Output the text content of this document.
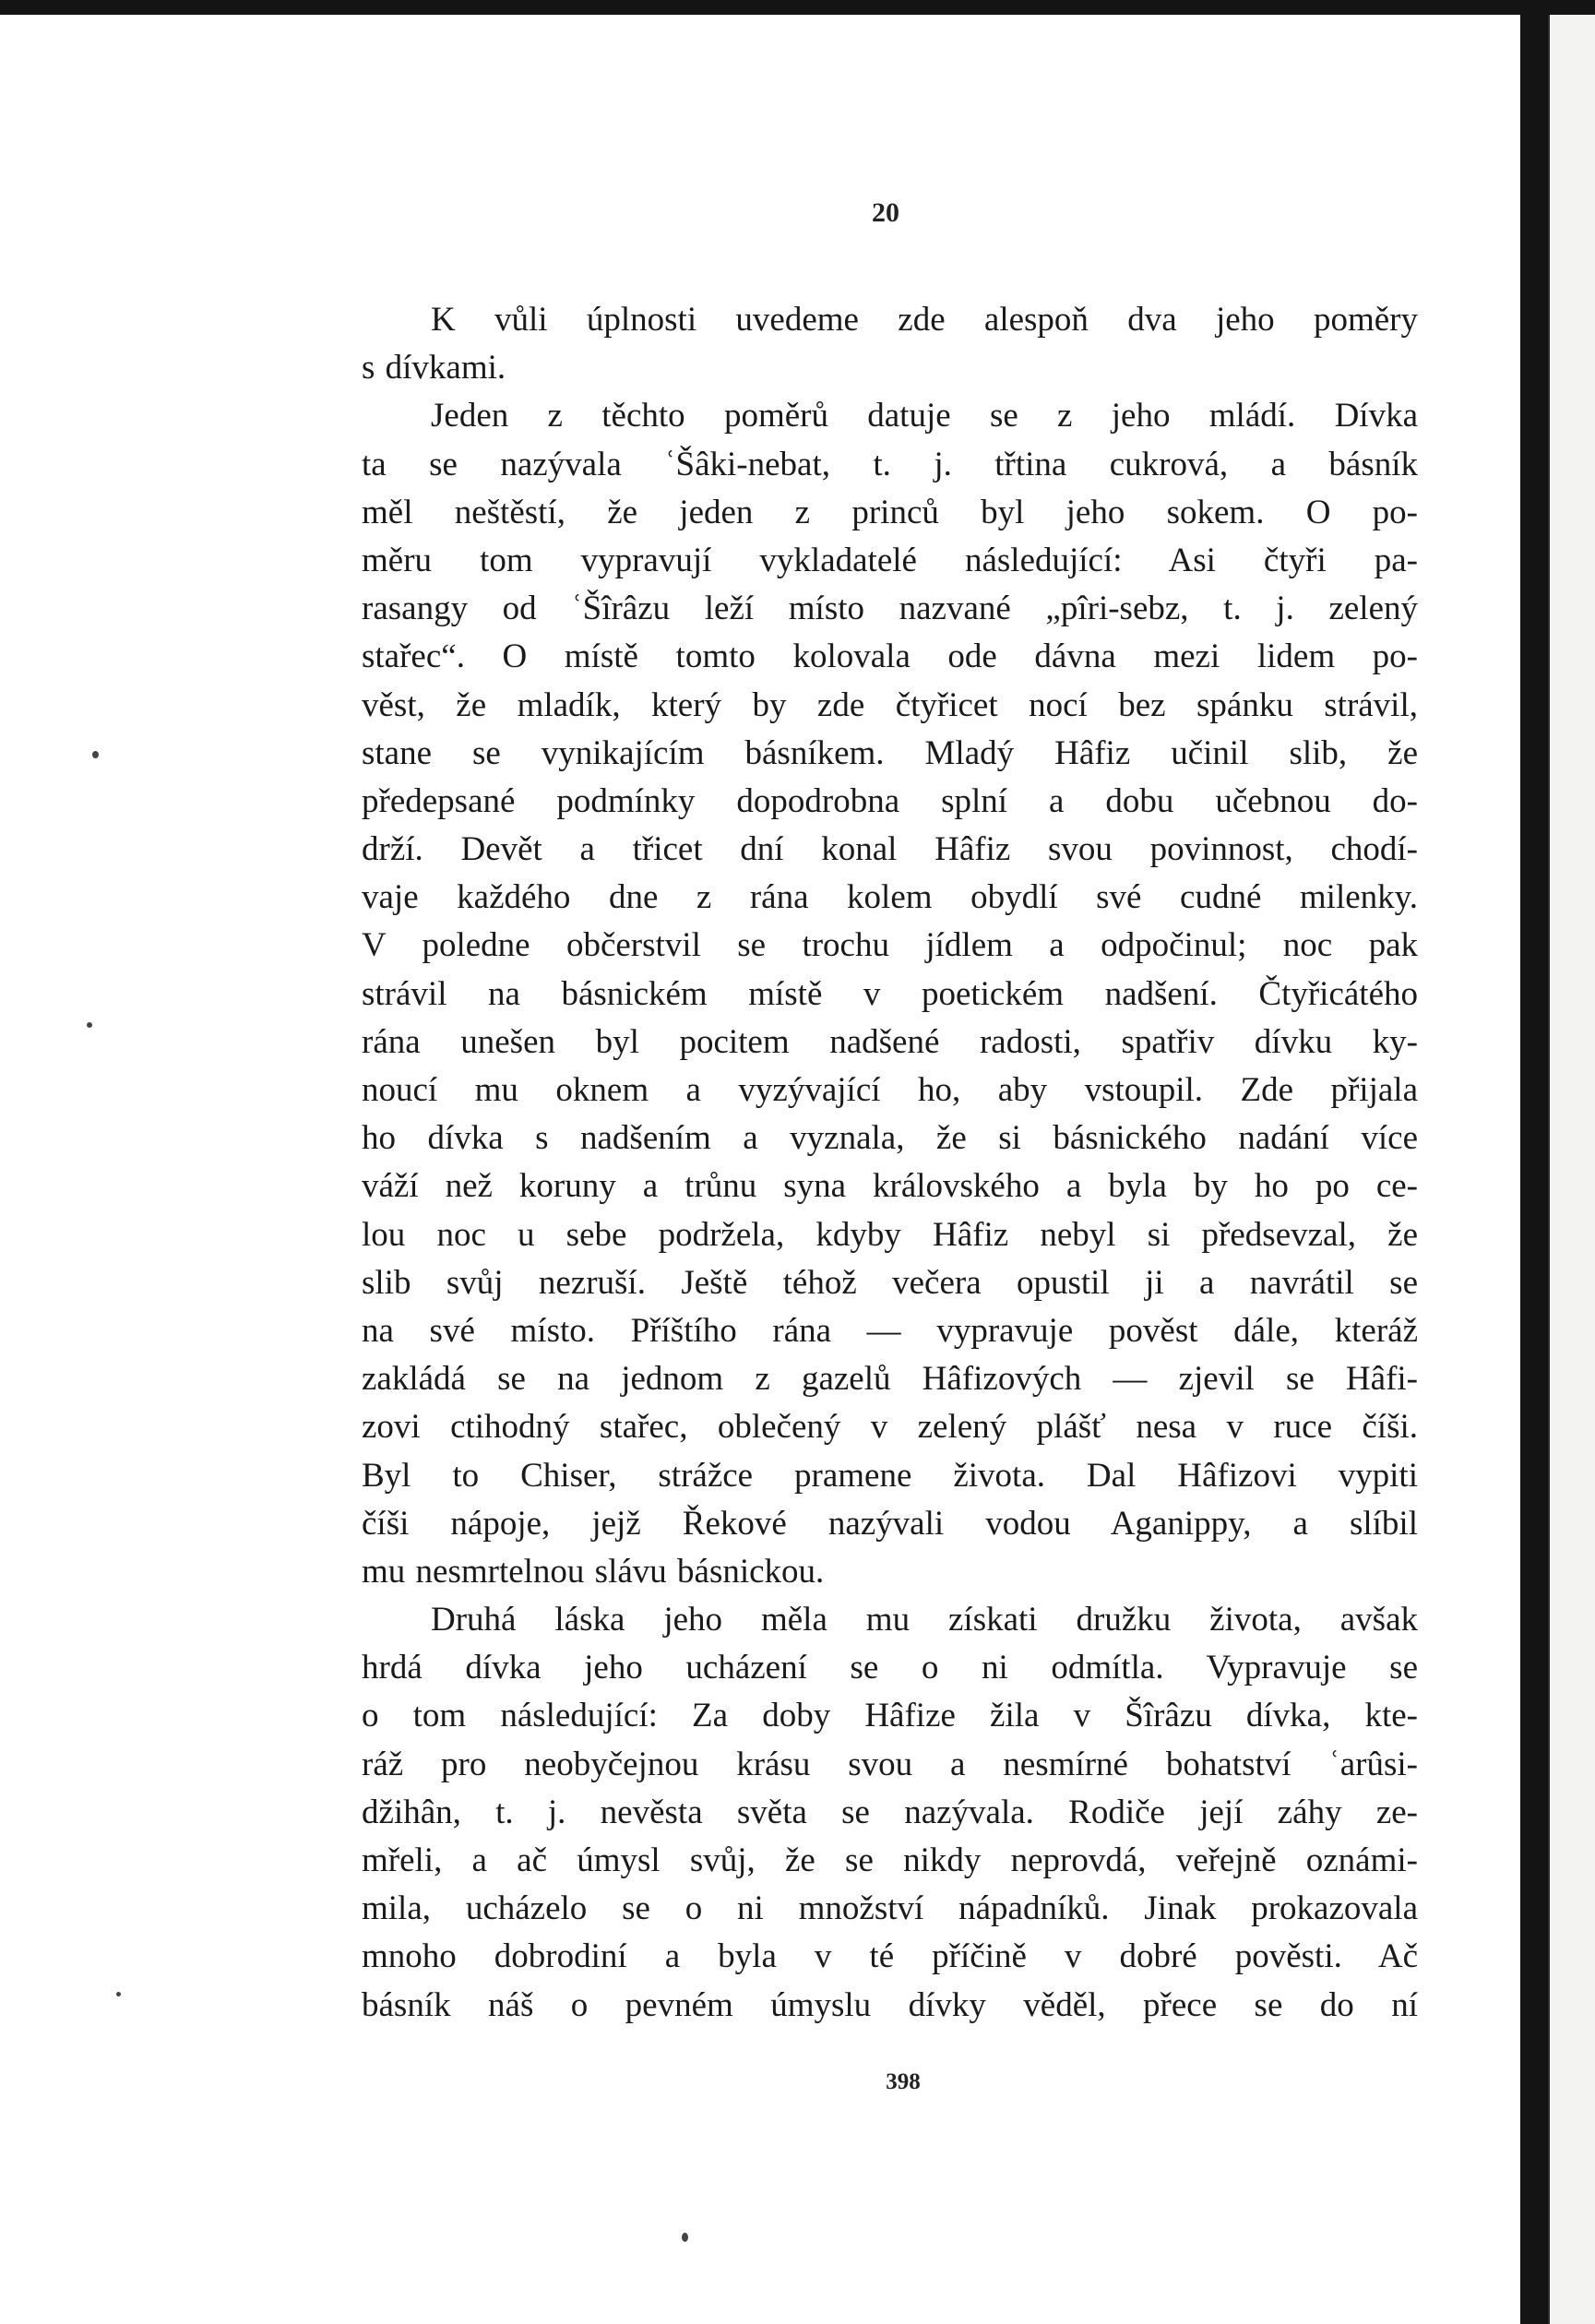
20
K vůli úplnosti uvedeme zde alespoň dva jeho poměry
s dívkami.
Jeden z těchto poměrů datuje se z jeho mládí. Dívka
ta se nazývala ʿŠâki-nebat, t. j. třtina cukrová, a básník
měl neštěstí, že jeden z princů byl jeho sokem. O po-
měru tom vypravují vykladatelé následující: Asi čtyři pa-
rasangy od ʿŠîrâzu leží místo nazvané „pîri-sebz, t. j. zelený
stařec“. O místě tomto kolovala ode dávna mezi lidem po-
věst, že mladík, který by zde čtyřicet nocí bez spánku strávil,
stane se vynikajícím básníkem. Mladý Hâfiz učinil slib, že
předepsané podmínky dopodrobna splní a dobu učebnou do-
drží. Devět a třicet dní konal Hâfiz svou povinnost, chodí-
vaje každého dne z rána kolem obydlí své cudné milenky.
V poledne občerstvil se trochu jídlem a odpočinul; noc pak
strávil na básnickém místě v poetickém nadšení. Čtyřicátého
rána unešen byl pocitem nadšené radosti, spatřiv dívku ky-
noucí mu oknem a vyzývající ho, aby vstoupil. Zde přijala
ho dívka s nadšením a vyznala, že si básnického nadání více
váží než koruny a trůnu syna královského a byla by ho po ce-
lou noc u sebe podržela, kdyby Hâfiz nebyl si předsevzal, že
slib svůj nezruší. Ještě téhož večera opustil ji a navrátil se
na své místo. Příštího rána — vypravuje pověst dále, kteráž
zakládá se na jednom z gazelů Hâfizových — zjevil se Hâfi-
zovi ctihodný stařec, oblečený v zelený plášť nesa v ruce číši.
Byl to Chiser, strážce pramene života. Dal Hâfizovi vypiti
číši nápoje, jejž Řekové nazývali vodou Aganippy, a slíbil
mu nesmrtelnou slávu básnickou.
Druhá láska jeho měla mu získati družku života, avšak
hrdá dívka jeho ucházení se o ni odmítla. Vypravuje se
o tom následující: Za doby Hâfize žila v Šîrâzu dívka, kte-
ráž pro neobyčejnou krásu svou a nesmírné bohatství ʿarûsi-
džihân, t. j. nevěsta světa se nazývala. Rodiče její záhy ze-
mřeli, a ač úmysl svůj, že se nikdy neprovdá, veřejně oznámi-
mila, ucházelo se o ni množství nápadníků. Jinak prokazovala
mnoho dobrodiní a byla v té příčině v dobré pověsti. Ač
básník náš o pevném úmyslu dívky věděl, přece se do ní
398
